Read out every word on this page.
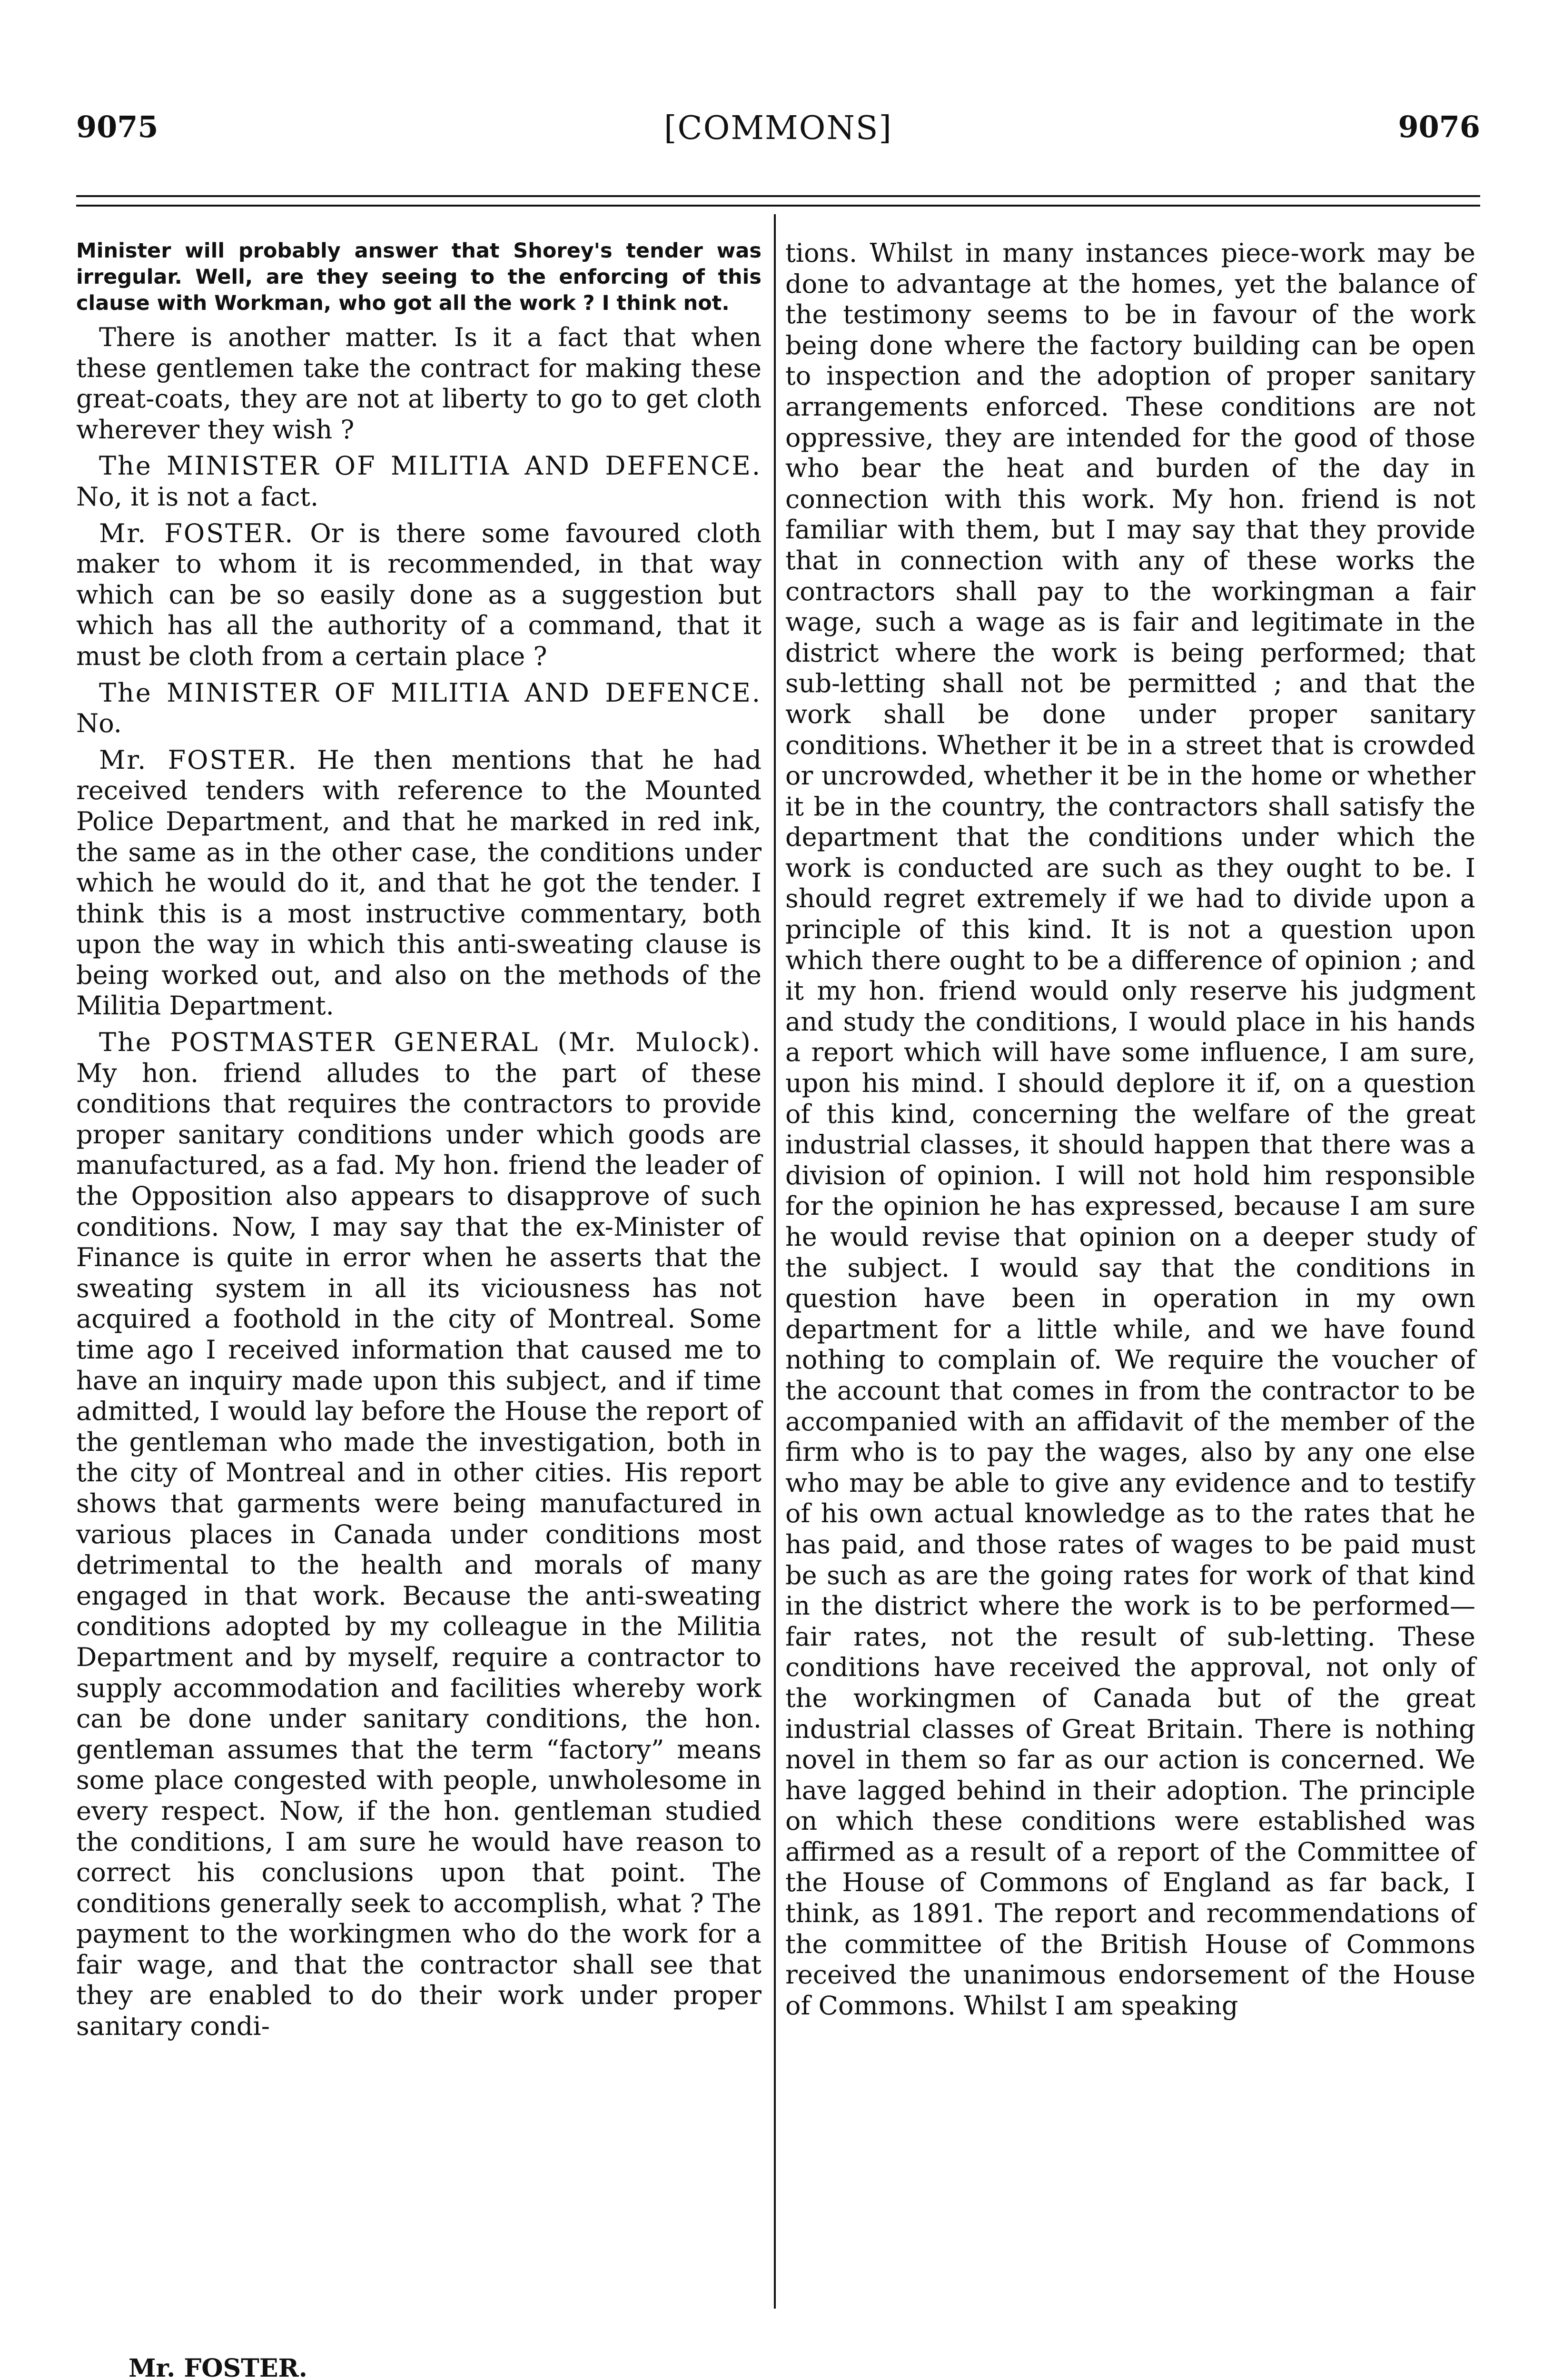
9075	[COMMONS]	9076

Minister will probably answer that Shorey's tender was irregular. Well, are they seeing to the enforcing of this clause with Workman, who got all the work ? I think not.

There is another matter. Is it a fact that when these gentlemen take the contract for making these great-coats, they are not at liberty to go to get cloth wherever they wish ?

The MINISTER OF MILITIA AND DEFENCE. No, it is not a fact.

Mr. FOSTER. Or is there some favoured cloth maker to whom it is recommended, in that way which can be so easily done as a suggestion but which has all the authority of a command, that it must be cloth from a certain place ?

The MINISTER OF MILITIA AND DEFENCE. No.

Mr. FOSTER. He then mentions that he had received tenders with reference to the Mounted Police Department, and that he marked in red ink, the same as in the other case, the conditions under which he would do it, and that he got the tender. I think this is a most instructive commentary, both upon the way in which this anti-sweating clause is being worked out, and also on the methods of the Militia Department.

The POSTMASTER GENERAL (Mr. Mulock). My hon. friend alludes to the part of these conditions that requires the contractors to provide proper sanitary conditions under which goods are manufactured, as a fad. My hon. friend the leader of the Opposition also appears to disapprove of such conditions. Now, I may say that the ex-Minister of Finance is quite in error when he asserts that the sweating system in all its viciousness has not acquired a foothold in the city of Montreal. Some time ago I received information that caused me to have an inquiry made upon this subject, and if time admitted, I would lay before the House the report of the gentleman who made the investigation, both in the city of Montreal and in other cities. His report shows that garments were being manufactured in various places in Canada under conditions most detrimental to the health and morals of many engaged in that work. Because the anti-sweating conditions adopted by my colleague in the Militia Department and by myself, require a contractor to supply accommodation and facilities whereby work can be done under sanitary conditions, the hon. gentleman assumes that the term “factory” means some place congested with people, unwholesome in every respect. Now, if the hon. gentleman studied the conditions, I am sure he would have reason to correct his conclusions upon that point. The conditions generally seek to accomplish, what ? The payment to the workingmen who do the work for a fair wage, and that the contractor shall see that they are enabled to do their work under proper sanitary condi-

tions. Whilst in many instances piece-work may be done to advantage at the homes, yet the balance of the testimony seems to be in favour of the work being done where the factory building can be open to inspection and the adoption of proper sanitary arrangements enforced. These conditions are not oppressive, they are intended for the good of those who bear the heat and burden of the day in connection with this work. My hon. friend is not familiar with them, but I may say that they provide that in connection with any of these works the contractors shall pay to the workingman a fair wage, such a wage as is fair and legitimate in the district where the work is being performed; that sub-letting shall not be permitted ; and that the work shall be done under proper sanitary conditions. Whether it be in a street that is crowded or uncrowded, whether it be in the home or whether it be in the country, the contractors shall satisfy the department that the conditions under which the work is conducted are such as they ought to be. I should regret extremely if we had to divide upon a principle of this kind. It is not a question upon which there ought to be a difference of opinion ; and it my hon. friend would only reserve his judgment and study the conditions, I would place in his hands a report which will have some influence, I am sure, upon his mind. I should deplore it if, on a question of this kind, concerning the welfare of the great industrial classes, it should happen that there was a division of opinion. I will not hold him responsible for the opinion he has expressed, because I am sure he would revise that opinion on a deeper study of the subject. I would say that the conditions in question have been in operation in my own department for a little while, and we have found nothing to complain of. We require the voucher of the account that comes in from the contractor to be accompanied with an affidavit of the member of the firm who is to pay the wages, also by any one else who may be able to give any evidence and to testify of his own actual knowledge as to the rates that he has paid, and those rates of wages to be paid must be such as are the going rates for work of that kind in the district where the work is to be performed—fair rates, not the result of sub-letting. These conditions have received the approval, not only of the workingmen of Canada but of the great industrial classes of Great Britain. There is nothing novel in them so far as our action is concerned. We have lagged behind in their adoption. The principle on which these conditions were established was affirmed as a result of a report of the Committee of the House of Commons of England as far back, I think, as 1891. The report and recommendations of the committee of the British House of Commons received the unanimous endorsement of the House of Commons. Whilst I am speaking

Mr. FOSTER.
